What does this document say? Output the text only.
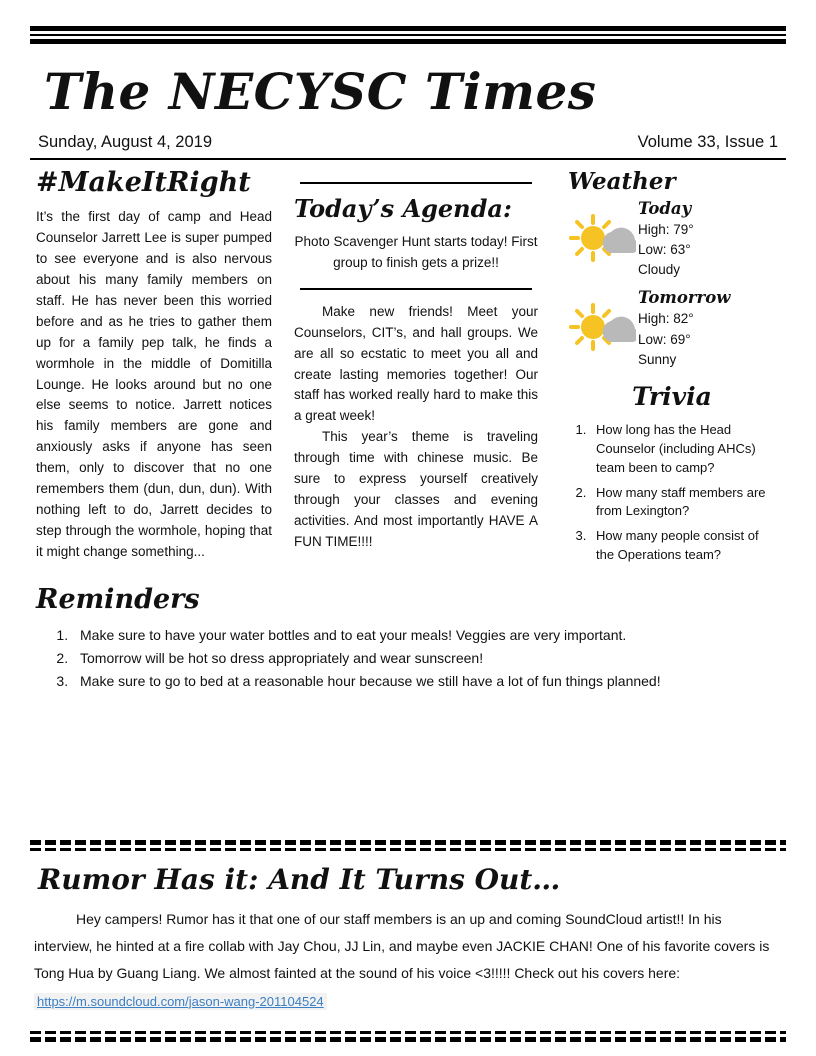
The NECYSC Times
Sunday, August 4, 2019	Volume 33, Issue 1
#MakeItRight

It’s the first day of camp and Head Counselor Jarrett Lee is super pumped to see everyone and is also nervous about his many family members on staff. He has never been this worried before and as he tries to gather them up for a family pep talk, he finds a wormhole in the middle of Domitilla Lounge. He looks around but no one else seems to notice. Jarrett notices his family members are gone and anxiously asks if anyone has seen them, only to discover that no one remembers them (dun, dun, dun). With nothing left to do, Jarrett decides to step through the wormhole, hoping that it might change something...

Today’s Agenda:

Photo Scavenger Hunt starts today! First group to finish gets a prize!!

Make new friends! Meet your Counselors, CIT’s, and hall groups. We are all so ecstatic to meet you all and create lasting memories together! Our staff has worked really hard to make this a great week!

This year’s theme is traveling through time with chinese music. Be sure to express yourself creatively through your classes and evening activities. And most importantly HAVE A FUN TIME!!!!

Weather
Today
High: 79°
Low: 63°
Cloudy
Tomorrow
High: 82°
Low: 69°
Sunny
Trivia
1. How long has the Head Counselor (including AHCs) team been to camp?
2. How many staff members are from Lexington?
3. How many people consist of the Operations team?
Reminders
1. Make sure to have your water bottles and to eat your meals! Veggies are very important.
2. Tomorrow will be hot so dress appropriately and wear sunscreen!
3. Make sure to go to bed at a reasonable hour because we still have a lot of fun things planned!
Rumor Has it: And It Turns Out…

Hey campers! Rumor has it that one of our staff members is an up and coming SoundCloud artist!! In his interview, he hinted at a fire collab with Jay Chou, JJ Lin, and maybe even JACKIE CHAN! One of his favorite covers is Tong Hua by Guang Liang. We almost fainted at the sound of his voice <3!!!!! Check out his covers here: https://m.soundcloud.com/jason-wang-201104524
